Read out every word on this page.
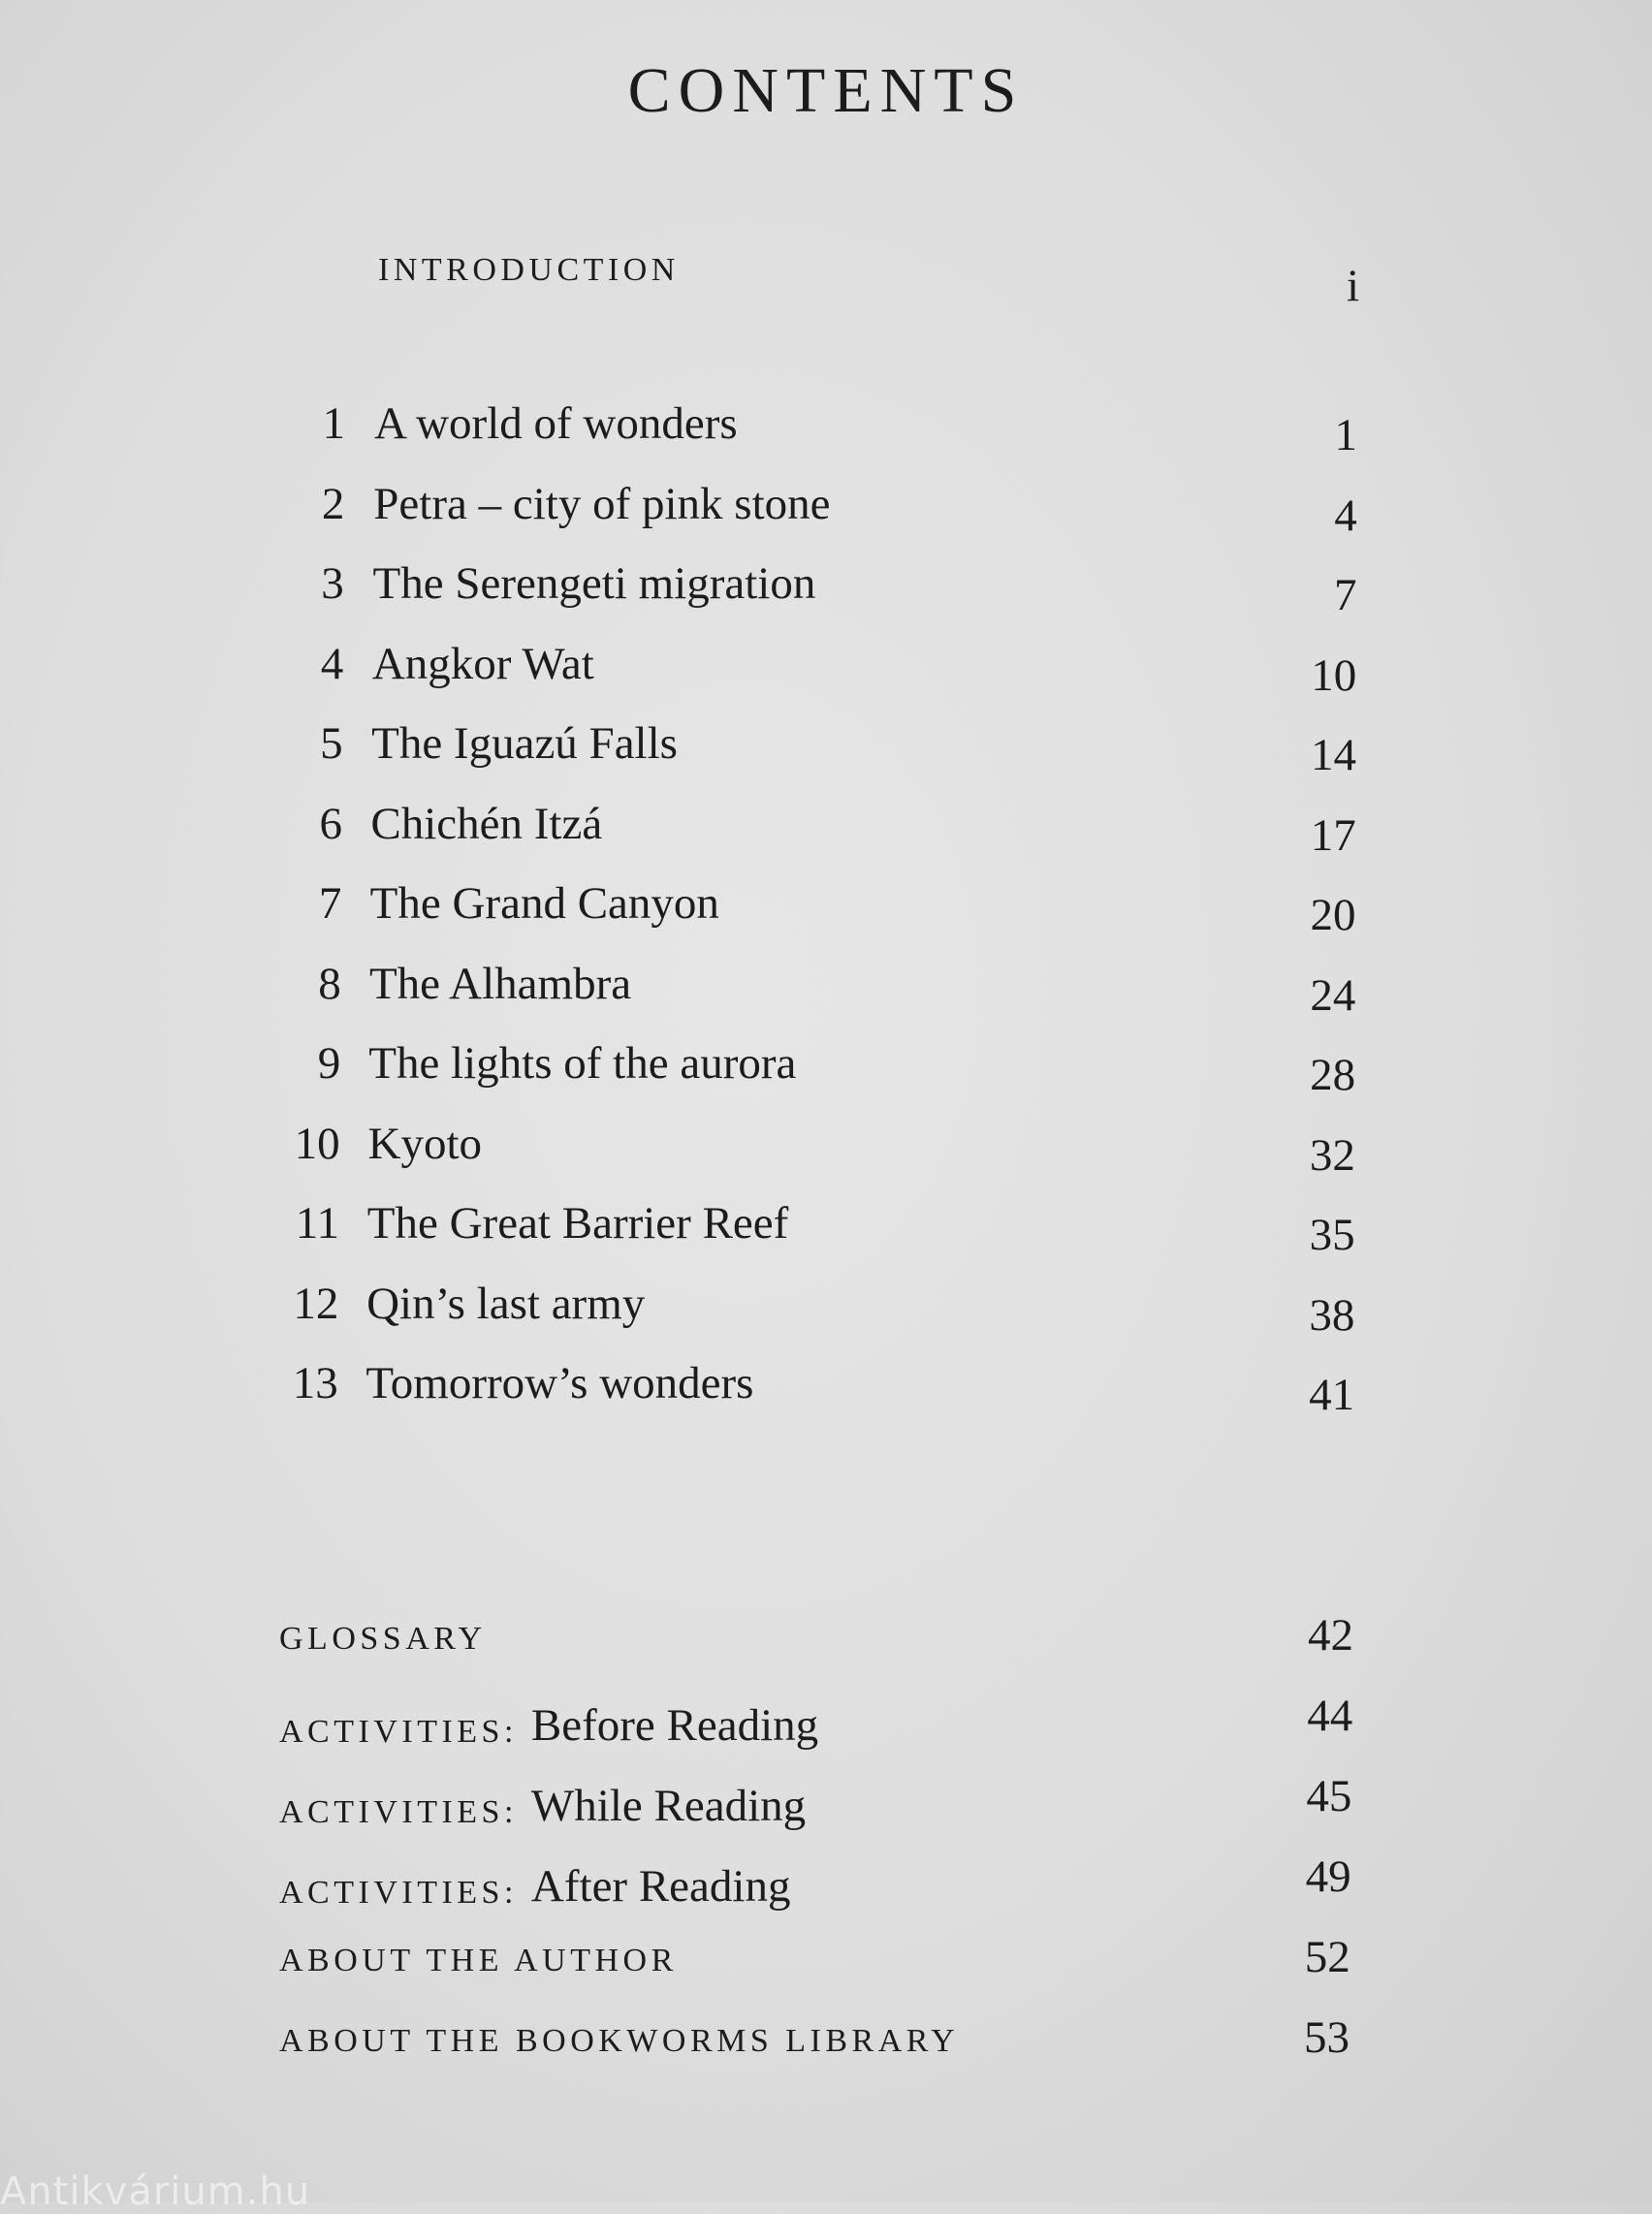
CONTENTS
INTRODUCTION	i
1 A world of wonders	1
2 Petra – city of pink stone	4
3 The Serengeti migration	7
4 Angkor Wat	10
5 The Iguazú Falls	14
6 Chichén Itzá	17
7 The Grand Canyon	20
8 The Alhambra	24
9 The lights of the aurora	28
10 Kyoto	32
11 The Great Barrier Reef	35
12 Qin’s last army	38
13 Tomorrow’s wonders	41
GLOSSARY	42
ACTIVITIES: Before Reading	44
ACTIVITIES: While Reading	45
ACTIVITIES: After Reading	49
ABOUT THE AUTHOR	52
ABOUT THE BOOKWORMS LIBRARY	53
Antikvárium.hu
